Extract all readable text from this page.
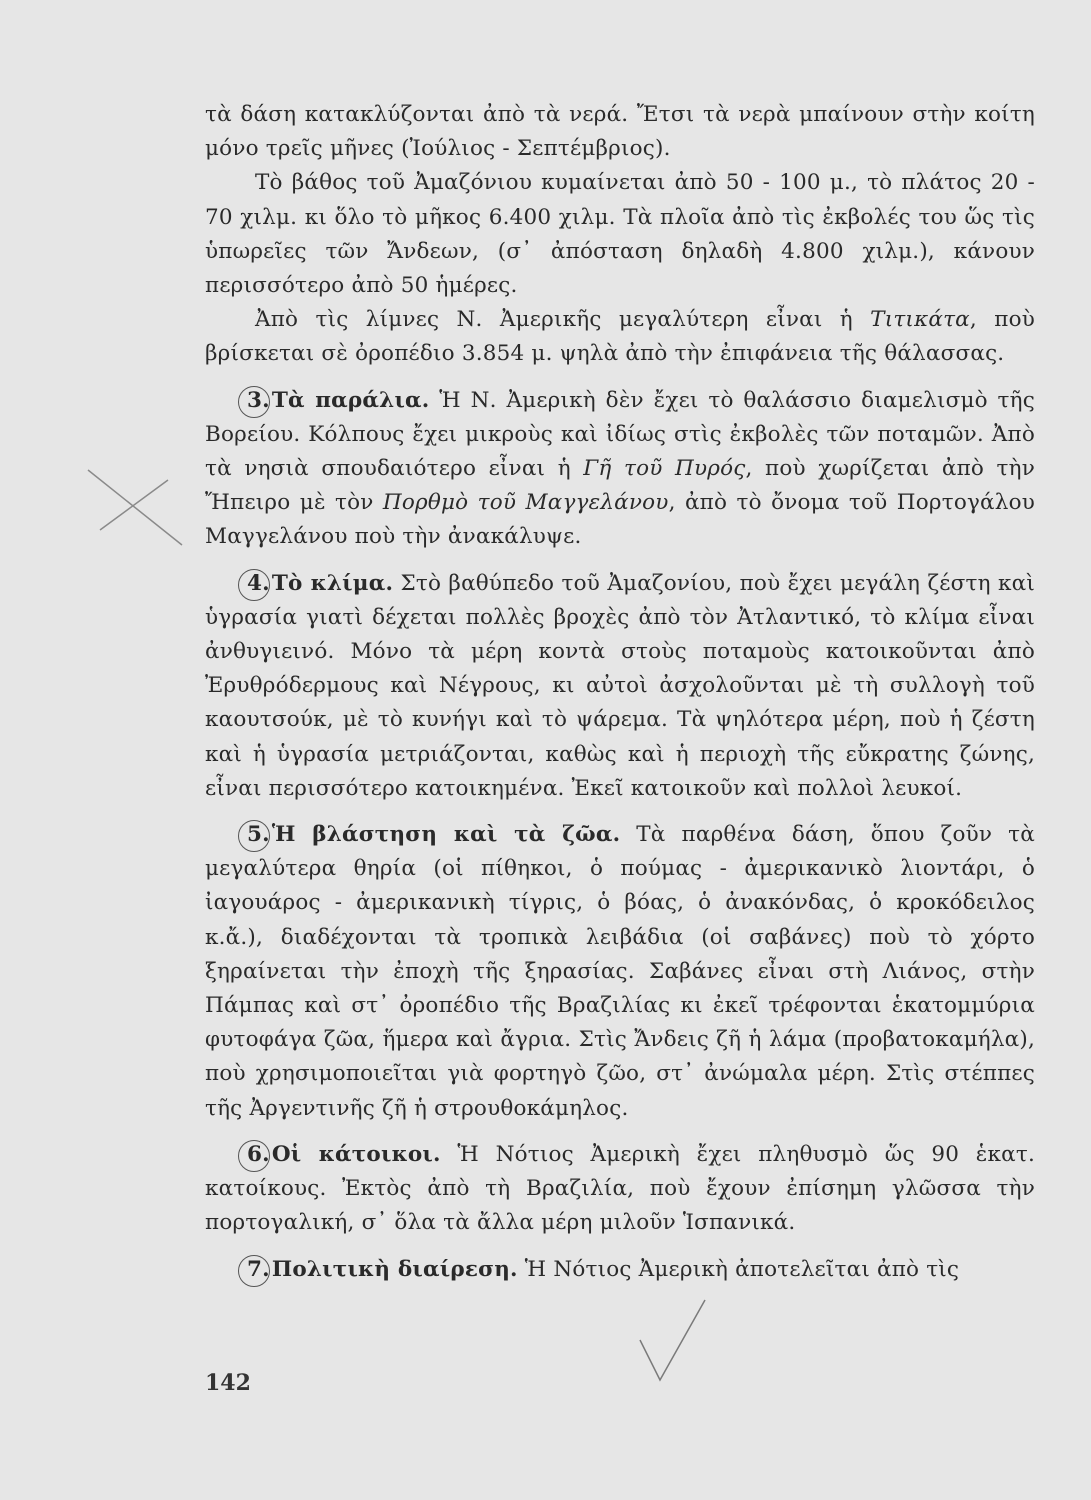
τὰ δάση κατακλύζονται ἀπὸ τὰ νερά. Ἔτσι τὰ νερὰ μπαίνουν στὴν κοίτη μόνο τρεῖς μῆνες (Ἰούλιος - Σεπτέμβριος).

Τὸ βάθος τοῦ Ἀμαζόνιου κυμαίνεται ἀπὸ 50 - 100 μ., τὸ πλάτος 20 - 70 χιλμ. κι ὅλο τὸ μῆκος 6.400 χιλμ. Τὰ πλοῖα ἀπὸ τὶς ἐκβολές του ὥς τὶς ὑπωρεῖες τῶν Ἄνδεων, (σ᾽ ἀπόσταση δηλαδὴ 4.800 χιλμ.), κάνουν περισσότερο ἀπὸ 50 ἡμέρες.

Ἀπὸ τὶς λίμνες Ν. Ἀμερικῆς μεγαλύτερη εἶναι ἡ Τιτικάτα, ποὺ βρίσκεται σὲ ὀροπέδιο 3.854 μ. ψηλὰ ἀπὸ τὴν ἐπιφάνεια τῆς θάλασσας.

3.Τὰ παράλια. Ἡ Ν. Ἀμερικὴ δὲν ἔχει τὸ θαλάσσιο διαμελισμὸ τῆς Βορείου. Κόλπους ἔχει μικροὺς καὶ ἰδίως στὶς ἐκβολὲς τῶν ποταμῶν. Ἀπὸ τὰ νησιὰ σπουδαιότερο εἶναι ἡ Γῆ τοῦ Πυρός, ποὺ χωρίζεται ἀπὸ τὴν Ἤπειρο μὲ τὸν Πορθμὸ τοῦ Μαγγελάνου, ἀπὸ τὸ ὄνομα τοῦ Πορτογάλου Μαγγελάνου ποὺ τὴν ἀνακάλυψε.

4.Τὸ κλίμα. Στὸ βαθύπεδο τοῦ Ἀμαζονίου, ποὺ ἔχει μεγάλη ζέστη καὶ ὑγρασία γιατὶ δέχεται πολλὲς βροχὲς ἀπὸ τὸν Ἀτλαντικό, τὸ κλίμα εἶναι ἀνθυγιεινό. Μόνο τὰ μέρη κοντὰ στοὺς ποταμοὺς κατοικοῦνται ἀπὸ Ἐρυθρόδερμους καὶ Νέγρους, κι αὐτοὶ ἀσχολοῦνται μὲ τὴ συλλογὴ τοῦ καουτσούκ, μὲ τὸ κυνήγι καὶ τὸ ψάρεμα. Τὰ ψηλότερα μέρη, ποὺ ἡ ζέστη καὶ ἡ ὑγρασία μετριάζονται, καθὼς καὶ ἡ περιοχὴ τῆς εὔκρατης ζώνης, εἶναι περισσότερο κατοικημένα. Ἐκεῖ κατοικοῦν καὶ πολλοὶ λευκοί.

5.Ἡ βλάστηση καὶ τὰ ζῶα. Τὰ παρθένα δάση, ὅπου ζοῦν τὰ μεγαλύτερα θηρία (οἱ πίθηκοι, ὁ πούμας - ἀμερικανικὸ λιοντάρι, ὁ ἰαγουάρος - ἀμερικανικὴ τίγρις, ὁ βόας, ὁ ἀνακόνδας, ὁ κροκόδειλος κ.ἄ.), διαδέχονται τὰ τροπικὰ λειβάδια (οἱ σαβάνες) ποὺ τὸ χόρτο ξηραίνεται τὴν ἐποχὴ τῆς ξηρασίας. Σαβάνες εἶναι στὴ Λιάνος, στὴν Πάμπας καὶ στ᾽ ὀροπέδιο τῆς Βραζιλίας κι ἐκεῖ τρέφονται ἑκατομμύρια φυτοφάγα ζῶα, ἥμερα καὶ ἄγρια. Στὶς Ἄνδεις ζῆ ἡ λάμα (προβατοκαμήλα), ποὺ χρησιμοποιεῖται γιὰ φορτηγὸ ζῶο, στ᾽ ἀνώμαλα μέρη. Στὶς στέππες τῆς Ἀργεντινῆς ζῆ ἡ στρουθοκάμηλος.

6.Οἱ κάτοικοι. Ἡ Νότιος Ἀμερικὴ ἔχει πληθυσμὸ ὥς 90 ἑκατ. κατοίκους. Ἐκτὸς ἀπὸ τὴ Βραζιλία, ποὺ ἔχουν ἐπίσημη γλῶσσα τὴν πορτογαλική, σ᾽ ὅλα τὰ ἄλλα μέρη μιλοῦν Ἱσπανικά.

7.Πολιτικὴ διαίρεση. Ἡ Νότιος Ἀμερικὴ ἀποτελεῖται ἀπὸ τὶς

142
